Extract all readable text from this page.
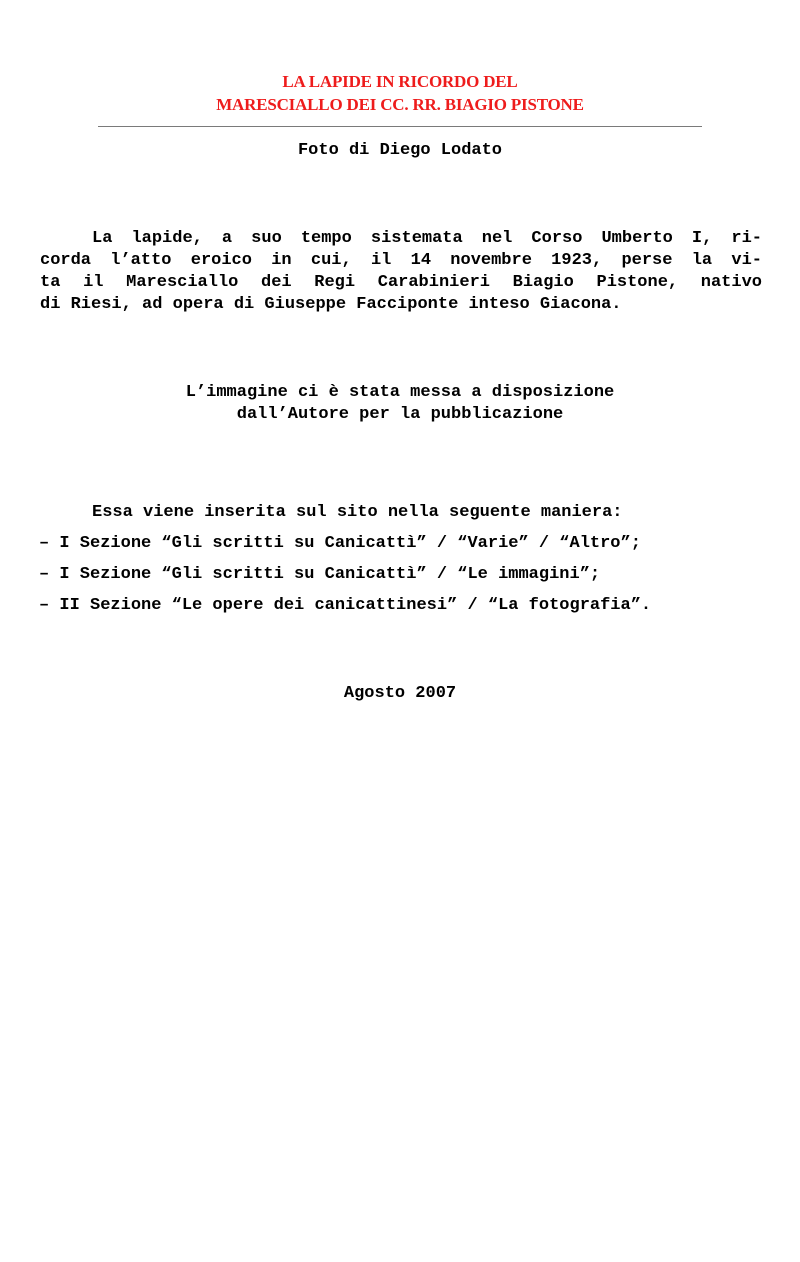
LA LAPIDE IN RICORDO DEL
MARESCIALLO DEI CC. RR. BIAGIO PISTONE
Foto di Diego Lodato
La lapide, a suo tempo sistemata nel Corso Umberto I, ri-
corda l’atto eroico in cui, il 14 novembre 1923, perse la vi-
ta il Maresciallo dei Regi Carabinieri Biagio Pistone, nativo
di Riesi, ad opera di Giuseppe Facciponte inteso Giacona.
L’immagine ci è stata messa a disposizione
dall’Autore per la pubblicazione
Essa viene inserita sul sito nella seguente maniera:
– I Sezione “Gli scritti su Canicattì” / “Varie” / “Altro”;
– I Sezione “Gli scritti su Canicattì” / “Le immagini”;
– II Sezione “Le opere dei canicattinesi” / “La fotografia”.
Agosto 2007
